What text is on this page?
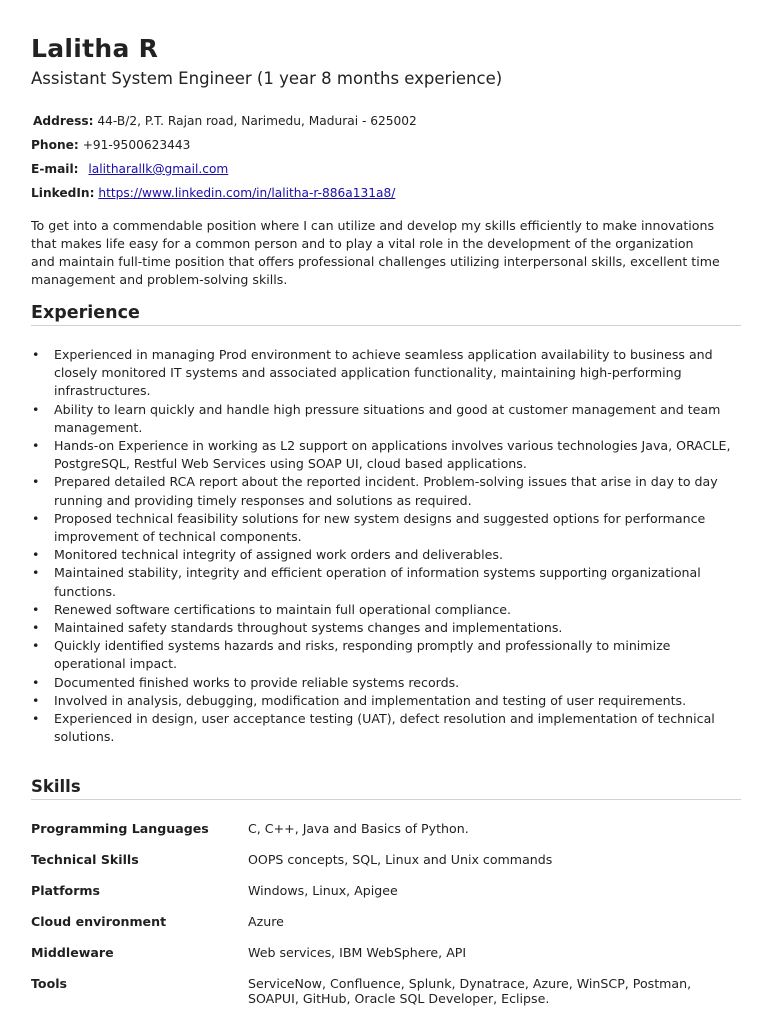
Lalitha R
Assistant System Engineer (1 year 8 months experience)
Address: 44-B/2, P.T. Rajan road, Narimedu, Madurai - 625002
Phone: +91-9500623443
E-mail: lalitharallk@gmail.com
LinkedIn: https://www.linkedin.com/in/lalitha-r-886a131a8/
To get into a commendable position where I can utilize and develop my skills efficiently to make innovations that makes life easy for a common person and to play a vital role in the development of the organization and maintain full-time position that offers professional challenges utilizing interpersonal skills, excellent time management and problem-solving skills.
Experience
• Experienced in managing Prod environment to achieve seamless application availability to business and closely monitored IT systems and associated application functionality, maintaining high-performing infrastructures.
• Ability to learn quickly and handle high pressure situations and good at customer management and team management.
• Hands-on Experience in working as L2 support on applications involves various technologies Java, ORACLE, PostgreSQL, Restful Web Services using SOAP UI, cloud based applications.
• Prepared detailed RCA report about the reported incident. Problem-solving issues that arise in day to day running and providing timely responses and solutions as required.
• Proposed technical feasibility solutions for new system designs and suggested options for performance improvement of technical components.
• Monitored technical integrity of assigned work orders and deliverables.
• Maintained stability, integrity and efficient operation of information systems supporting organizational functions.
• Renewed software certifications to maintain full operational compliance.
• Maintained safety standards throughout systems changes and implementations.
• Quickly identified systems hazards and risks, responding promptly and professionally to minimize operational impact.
• Documented finished works to provide reliable systems records.
• Involved in analysis, debugging, modification and implementation and testing of user requirements.
• Experienced in design, user acceptance testing (UAT), defect resolution and implementation of technical solutions.
Skills
Programming Languages	C, C++, Java and Basics of Python.
Technical Skills	OOPS concepts, SQL, Linux and Unix commands
Platforms	Windows, Linux, Apigee
Cloud environment	Azure
Middleware	Web services, IBM WebSphere, API
Tools	ServiceNow, Confluence, Splunk, Dynatrace, Azure, WinSCP, Postman, SOAPUI, GitHub, Oracle SQL Developer, Eclipse.
